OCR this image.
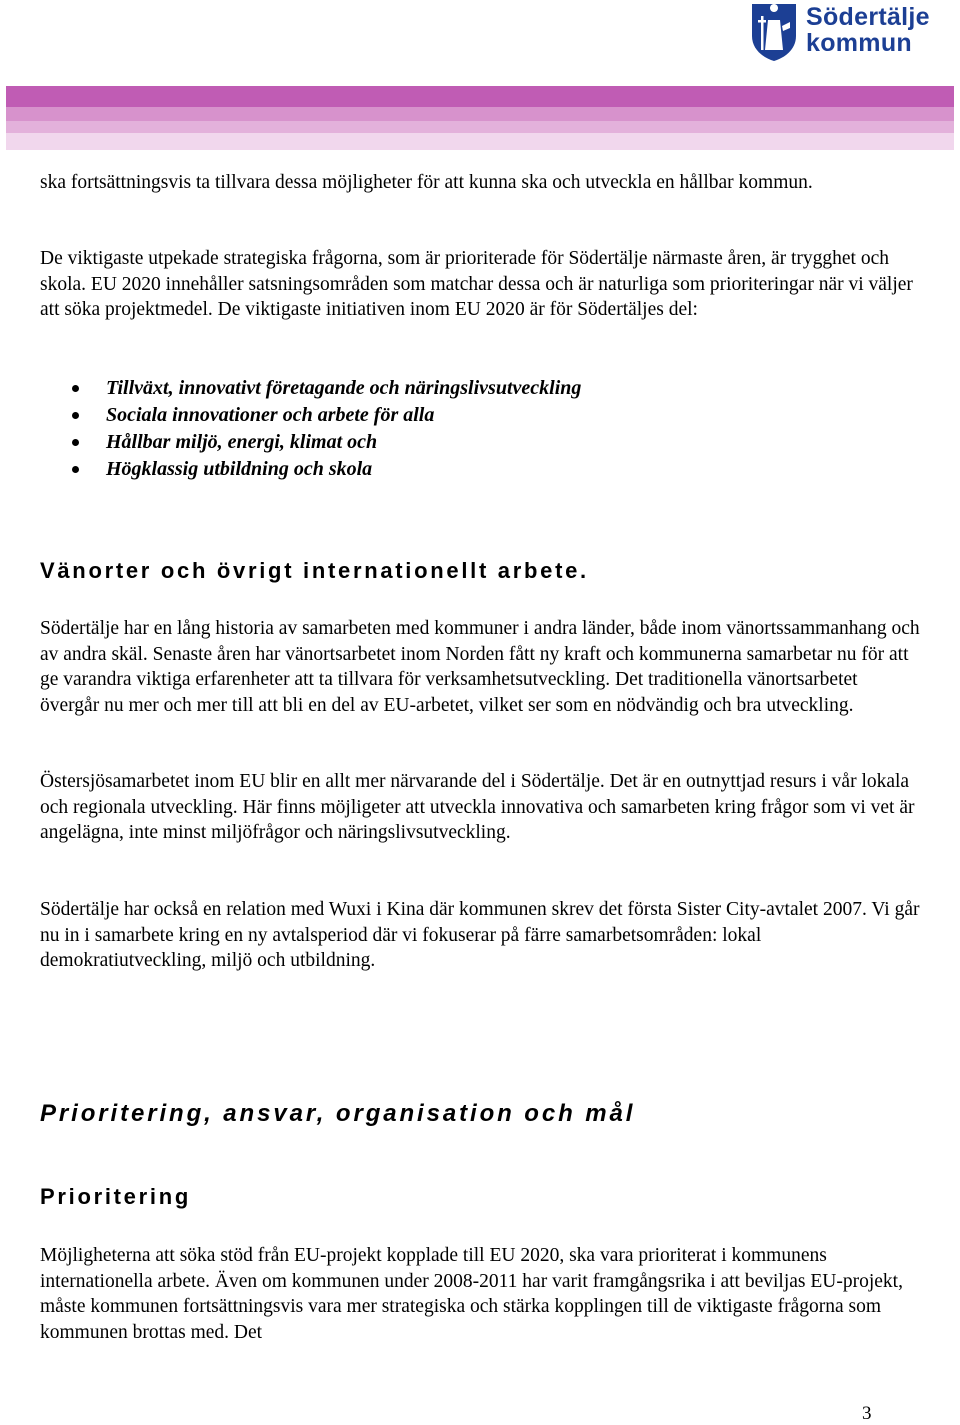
Södertälje
kommun

ska fortsättningsvis ta tillvara dessa möjligheter för att kunna ska och utveckla en hållbar kommun.

De viktigaste utpekade strategiska frågorna, som är prioriterade för Södertälje närmaste åren, är trygghet och skola. EU 2020 innehåller satsningsområden som matchar dessa och är naturliga som prioriteringar när vi väljer att söka projektmedel. De viktigaste initiativen inom EU 2020 är för Södertäljes del:

Tillväxt, innovativt företagande och näringslivsutveckling
Sociala innovationer och arbete för alla
Hållbar miljö, energi, klimat och
Högklassig utbildning och skola
Vänorter och övrigt internationellt arbete.

Södertälje har en lång historia av samarbeten med kommuner i andra länder, både inom vänortssammanhang och av andra skäl. Senaste åren har vänortsarbetet inom Norden fått ny kraft och kommunerna samarbetar nu för att ge varandra viktiga erfarenheter att ta tillvara för verksamhetsutveckling. Det traditionella vänortsarbetet övergår nu mer och mer till att bli en del av EU-arbetet, vilket ser som en nödvändig och bra utveckling.

Östersjösamarbetet inom EU blir en allt mer närvarande del i Södertälje. Det är en outnyttjad resurs i vår lokala och regionala utveckling. Här finns möjligeter att utveckla innovativa och samarbeten kring frågor som vi vet är angelägna, inte minst miljöfrågor och näringslivsutveckling.

Södertälje har också en relation med Wuxi i Kina där kommunen skrev det första Sister City-avtalet 2007. Vi går nu in i samarbete kring en ny avtalsperiod där vi fokuserar på färre samarbetsområden: lokal demokratiutveckling, miljö och utbildning.

Prioritering, ansvar, organisation och mål
Prioritering

Möjligheterna att söka stöd från EU-projekt kopplade till EU 2020, ska vara prioriterat i kommunens internationella arbete. Även om kommunen under 2008-2011 har varit framgångsrika i att beviljas EU-projekt, måste kommunen fortsättningsvis vara mer strategiska och stärka kopplingen till de viktigaste frågorna som kommunen brottas med. Det

3
